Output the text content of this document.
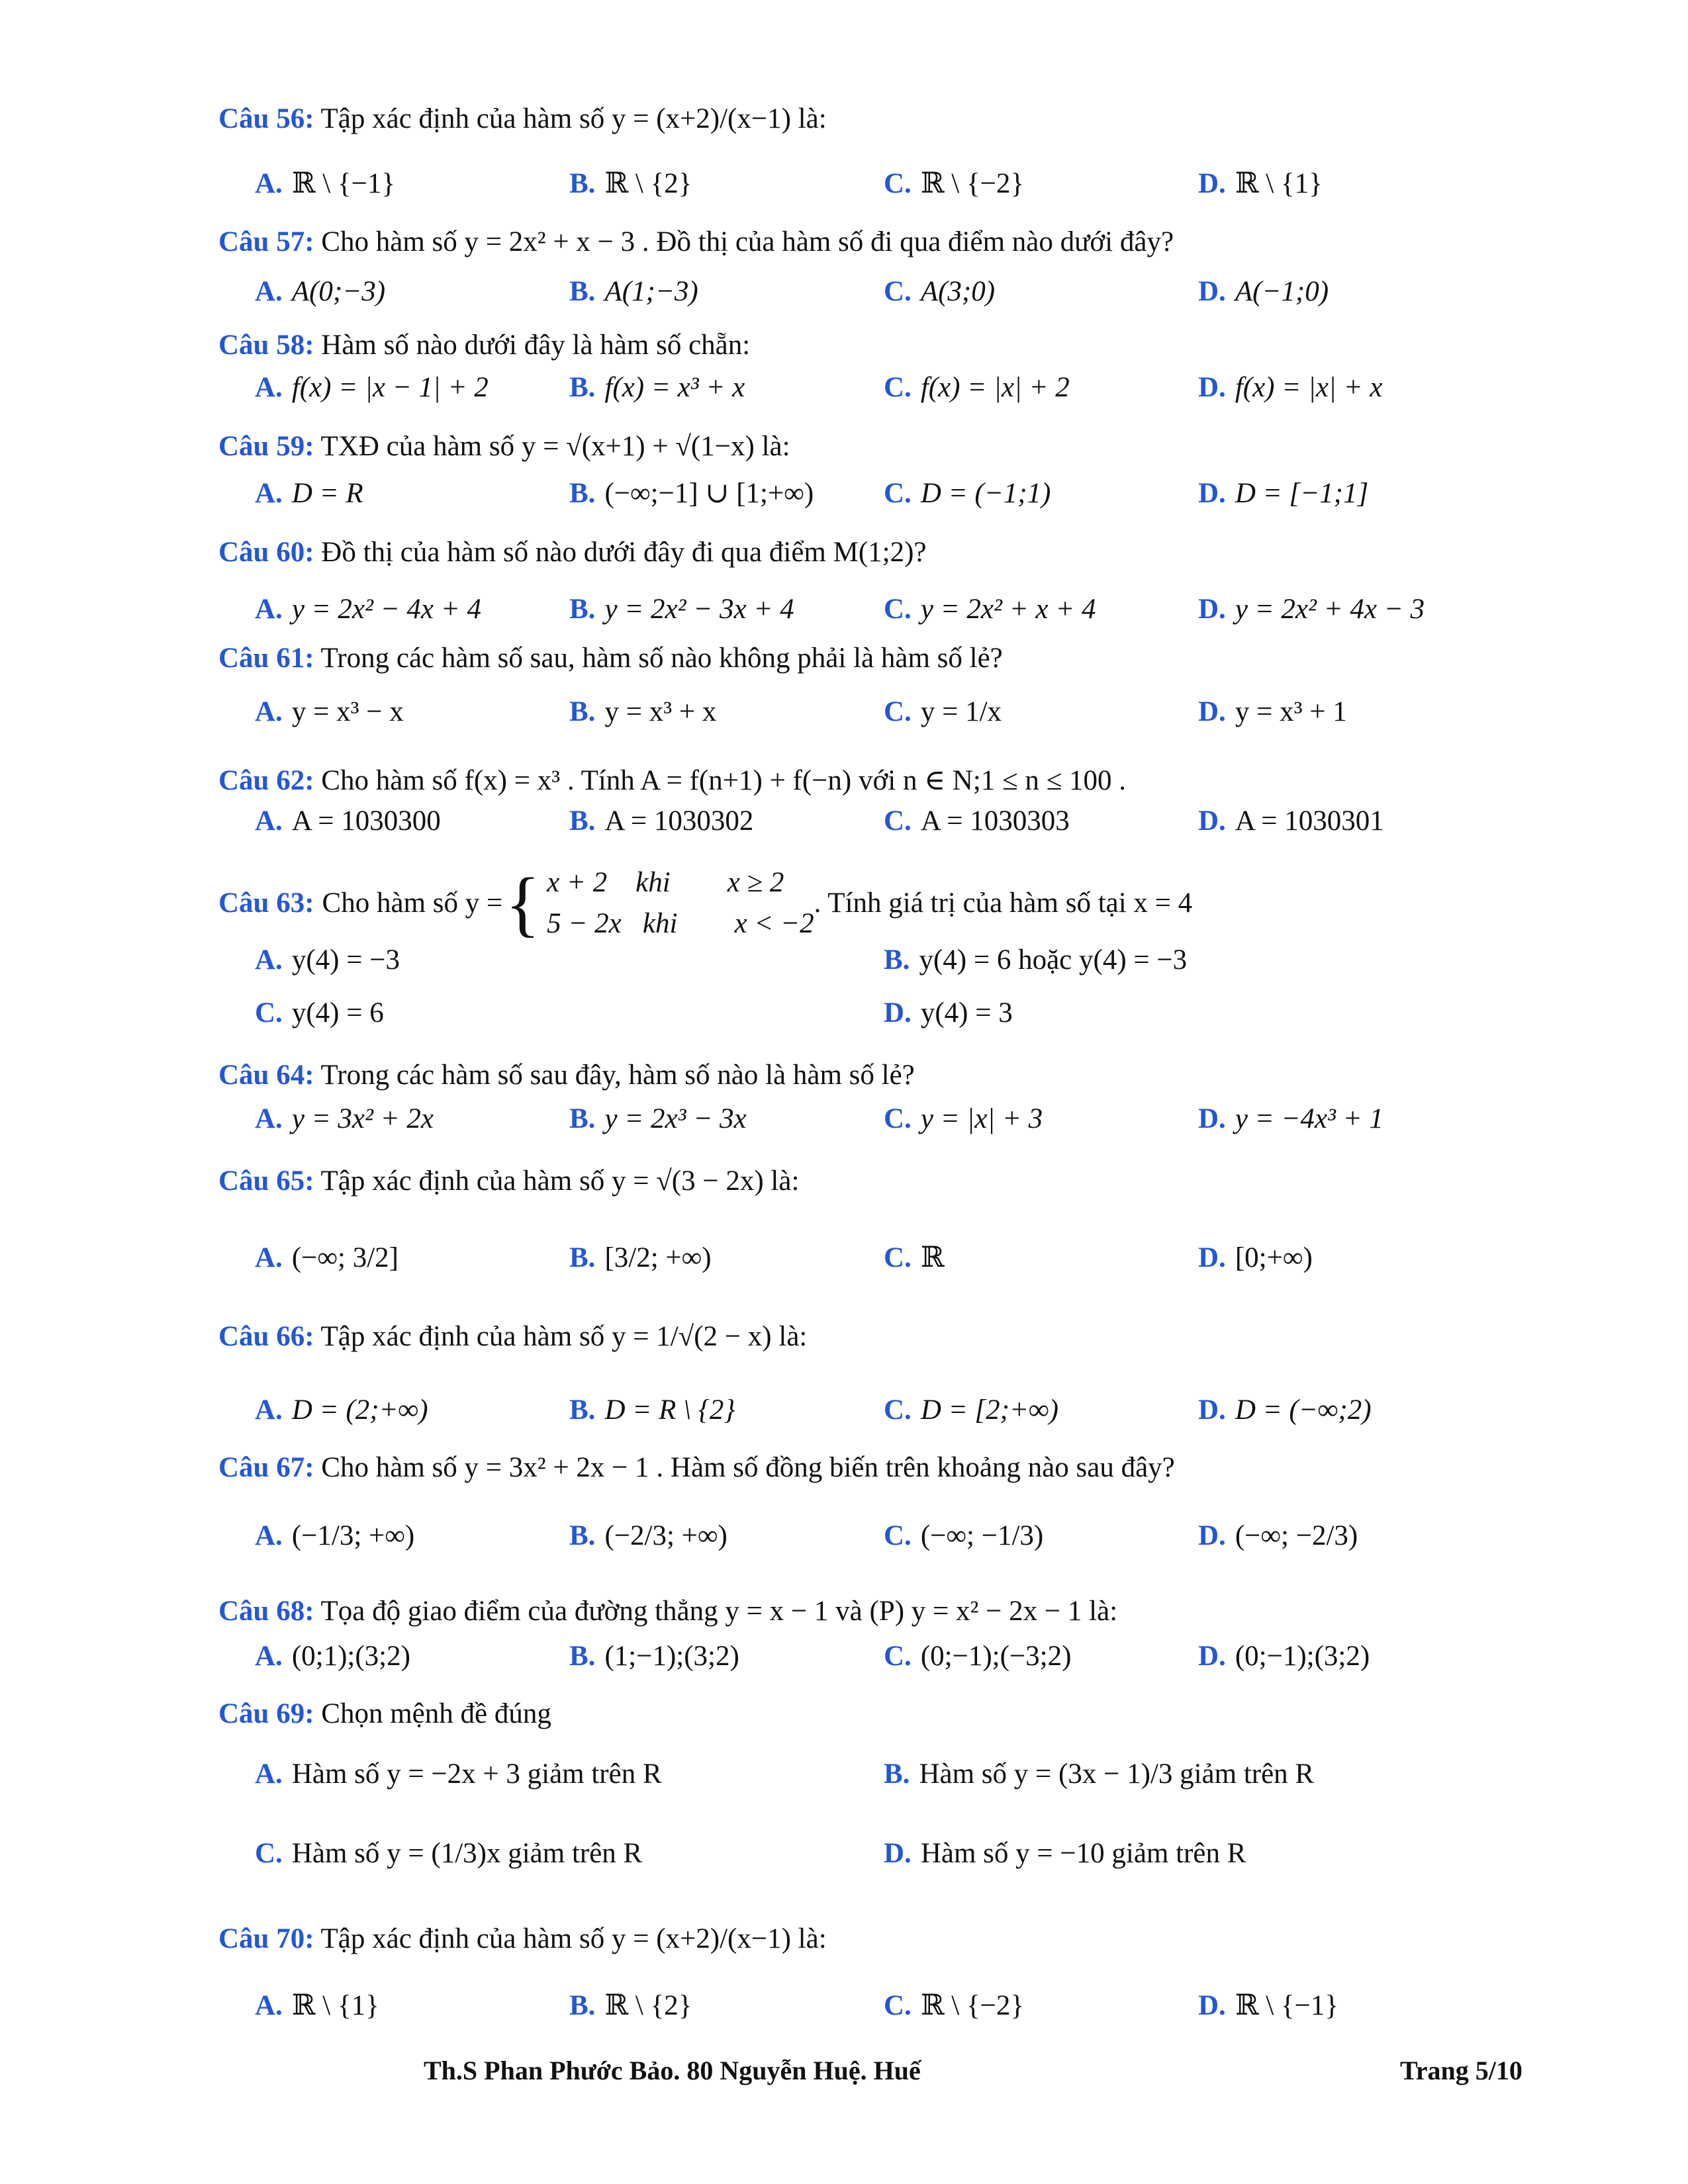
Câu 56: Tập xác định của hàm số y = (x+2)/(x−1) là:
A. ℝ \ {−1}	B. ℝ \ {2}	C. ℝ \ {−2}	D. ℝ \ {1}
Câu 57: Cho hàm số y = 2x² + x − 3 . Đồ thị của hàm số đi qua điểm nào dưới đây?
A. A(0;−3)	B. A(1;−3)	C. A(3;0)	D. A(−1;0)
Câu 58: Hàm số nào dưới đây là hàm số chẵn:
A. f(x) = |x − 1| + 2	B. f(x) = x³ + x	C. f(x) = |x| + 2	D. f(x) = |x| + x
Câu 59: TXĐ của hàm số y = √(x+1) + √(1−x) là:
A. D = R	B. (−∞;−1] ∪ [1;+∞) C. D = (−1;1)	D. D = [−1;1]
Câu 60: Đồ thị của hàm số nào dưới đây đi qua điểm M(1;2)?
A. y = 2x² − 4x + 4	B. y = 2x² − 3x + 4	C. y = 2x² + x + 4	D. y = 2x² + 4x − 3
Câu 61: Trong các hàm số sau, hàm số nào không phải là hàm số lẻ?
A. y = x³ − x	B. y = x³ + x	C. y = 1/x	D. y = x³ + 1
Câu 62: Cho hàm số f(x) = x³ . Tính A = f(n+1) + f(−n) với n ∈ N;1 ≤ n ≤ 100 .
A. A = 1030300	B. A = 1030302	C. A = 1030303	D. A = 1030301
Câu 63: Cho hàm số y = { x + 2    khi        x ≥ 2
5 − 2x   khi        x < −2
. Tính giá trị của hàm số tại x = 4
A. y(4) = −3	B. y(4) = 6 hoặc y(4) = −3
C. y(4) = 6	D. y(4) = 3
Câu 64: Trong các hàm số sau đây, hàm số nào là hàm số lẻ?
A. y = 3x² + 2x	B. y = 2x³ − 3x	C. y = |x| + 3	D. y = −4x³ + 1
Câu 65: Tập xác định của hàm số y = √(3 − 2x) là:
A. (−∞; 3/2]	B. [3/2; +∞)	C. ℝ	D. [0;+∞)
Câu 66: Tập xác định của hàm số y = 1/√(2 − x) là:
A. D = (2;+∞)	B. D = R \ {2}	C. D = [2;+∞)	D. D = (−∞;2)
Câu 67: Cho hàm số y = 3x² + 2x − 1 . Hàm số đồng biến trên khoảng nào sau đây?
A. (−1/3; +∞)	B. (−2/3; +∞)	C. (−∞; −1/3)	D. (−∞; −2/3)
Câu 68: Tọa độ giao điểm của đường thẳng y = x − 1 và (P) y = x² − 2x − 1 là:
A. (0;1);(3;2)	B. (1;−1);(3;2)	C. (0;−1);(−3;2)	D. (0;−1);(3;2)
Câu 69: Chọn mệnh đề đúng
A. Hàm số y = −2x + 3 giảm trên R	B. Hàm số y = (3x − 1)/3 giảm trên R
C. Hàm số y = (1/3)x giảm trên R	D. Hàm số y = −10 giảm trên R
Câu 70: Tập xác định của hàm số y = (x+2)/(x−1) là:
A. ℝ \ {1}	B. ℝ \ {2}	C. ℝ \ {−2}	D. ℝ \ {−1}
Th.S Phan Phước Bảo. 80 Nguyễn Huệ. Huế	Trang 5/10
